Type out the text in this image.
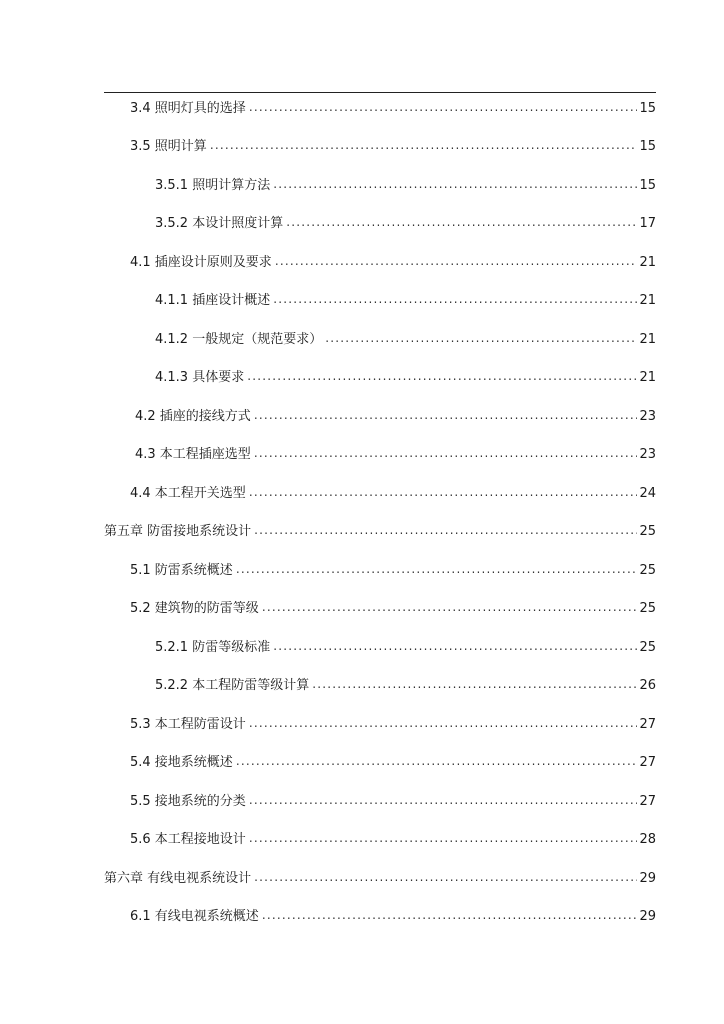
3.4 照明灯具的选择 .....	15
3.5 照明计算 .....	15
3.5.1 照明计算方法 .....	15
3.5.2 本设计照度计算 .....	17
4.1 插座设计原则及要求 .....	21
4.1.1 插座设计概述 .....	21
4.1.2 一般规定（规范要求） .....	21
4.1.3 具体要求 .....	21
4.2 插座的接线方式 .....	23
4.3 本工程插座选型 .....	23
4.4 本工程开关选型 .....	24
第五章 防雷接地系统设计 .....	25
5.1 防雷系统概述 .....	25
5.2 建筑物的防雷等级 .....	25
5.2.1 防雷等级标准 .....	25
5.2.2 本工程防雷等级计算 .....	26
5.3 本工程防雷设计 .....	27
5.4 接地系统概述 .....	27
5.5 接地系统的分类 .....	27
5.6 本工程接地设计 .....	28
第六章 有线电视系统设计 .....	29
6.1 有线电视系统概述 .....	29
